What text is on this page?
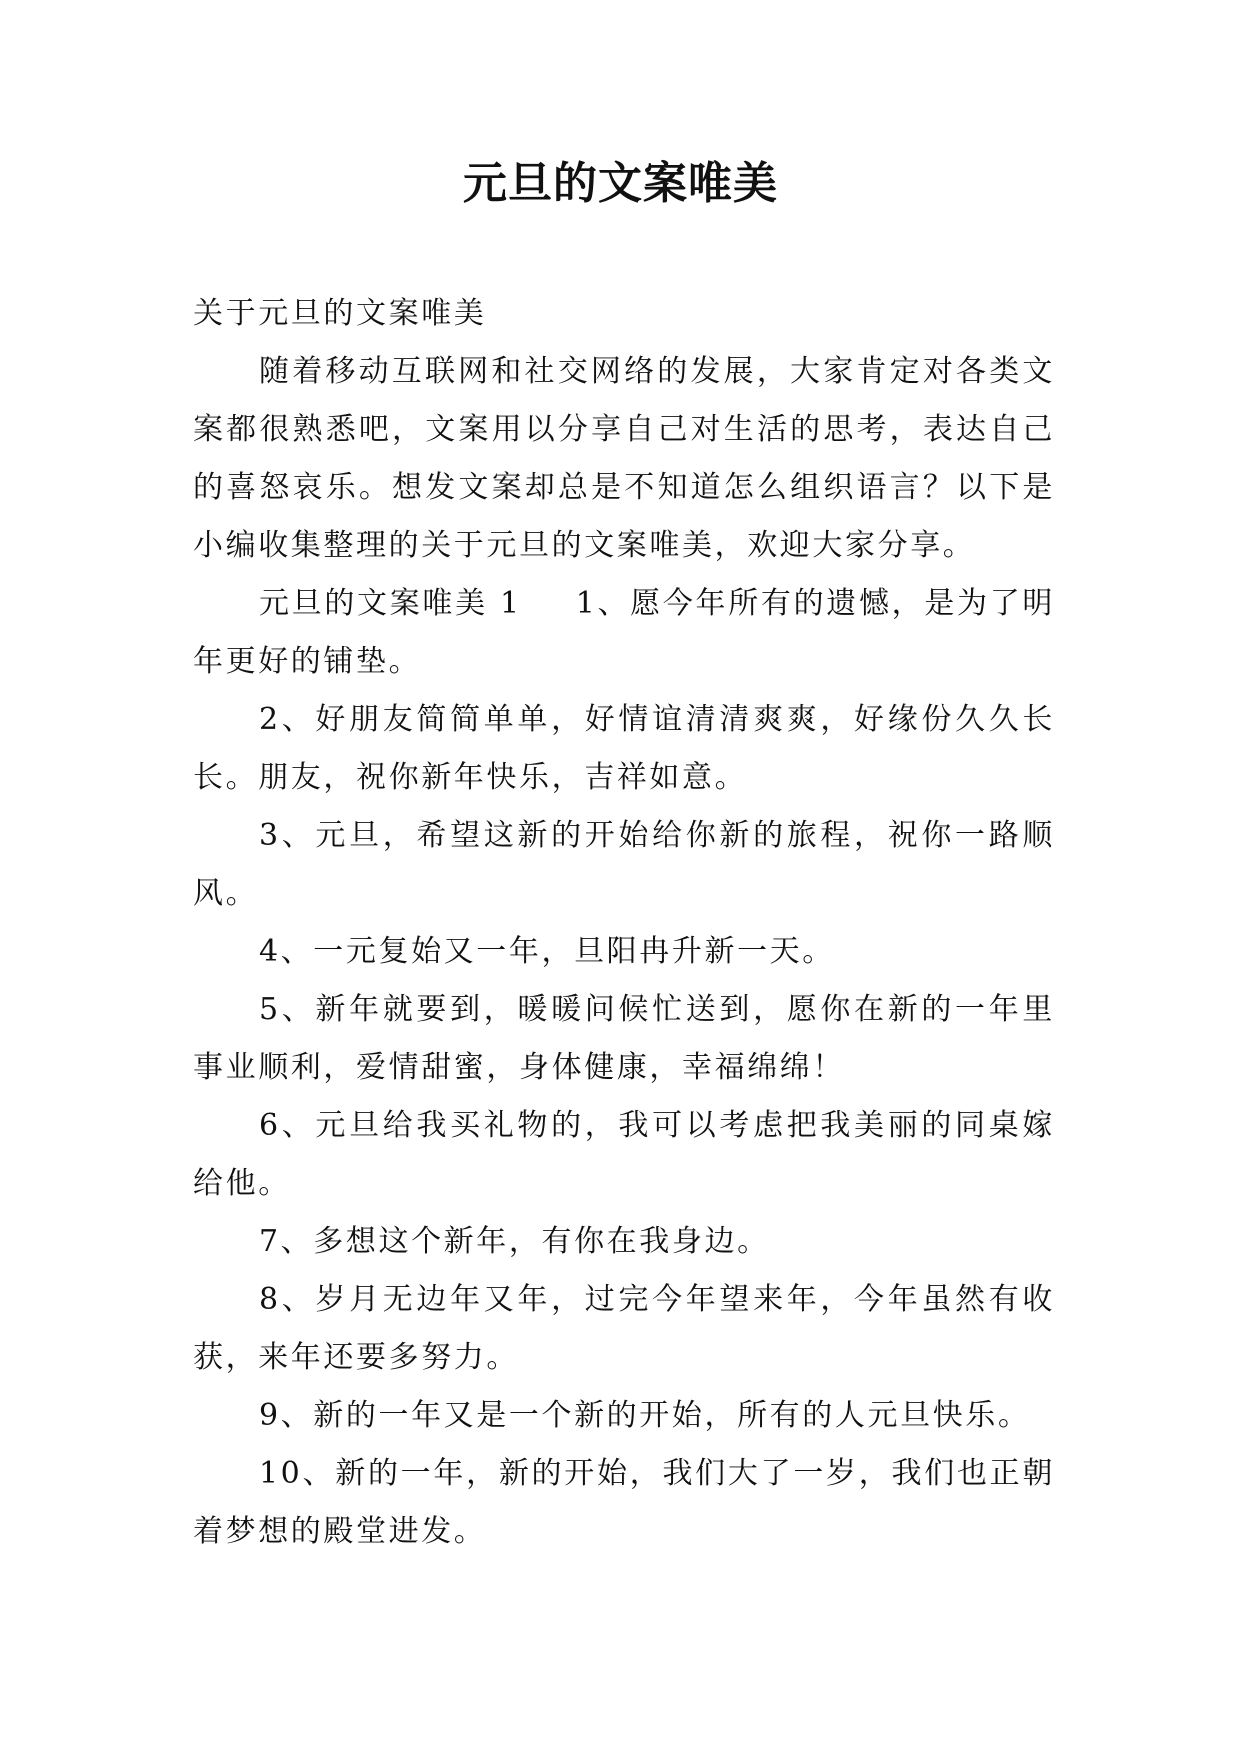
元旦的文案唯美

关于元旦的文案唯美

随着移动互联网和社交网络的发展，大家肯定对各类文案都很熟悉吧，文案用以分享自己对生活的思考，表达自己的喜怒哀乐。想发文案却总是不知道怎么组织语言？以下是小编收集整理的关于元旦的文案唯美，欢迎大家分享。

元旦的文案唯美 1 1、愿今年所有的遗憾，是为了明年更好的铺垫。

2、好朋友简简单单，好情谊清清爽爽，好缘份久久长长。朋友，祝你新年快乐，吉祥如意。

3、元旦，希望这新的开始给你新的旅程，祝你一路顺风。

4、一元复始又一年，旦阳冉升新一天。

5、新年就要到，暖暖问候忙送到，愿你在新的一年里事业顺利，爱情甜蜜，身体健康，幸福绵绵！

6、元旦给我买礼物的，我可以考虑把我美丽的同桌嫁给他。

7、多想这个新年，有你在我身边。

8、岁月无边年又年，过完今年望来年，今年虽然有收获，来年还要多努力。

9、新的一年又是一个新的开始，所有的人元旦快乐。

10、新的一年，新的开始，我们大了一岁，我们也正朝着梦想的殿堂进发。
